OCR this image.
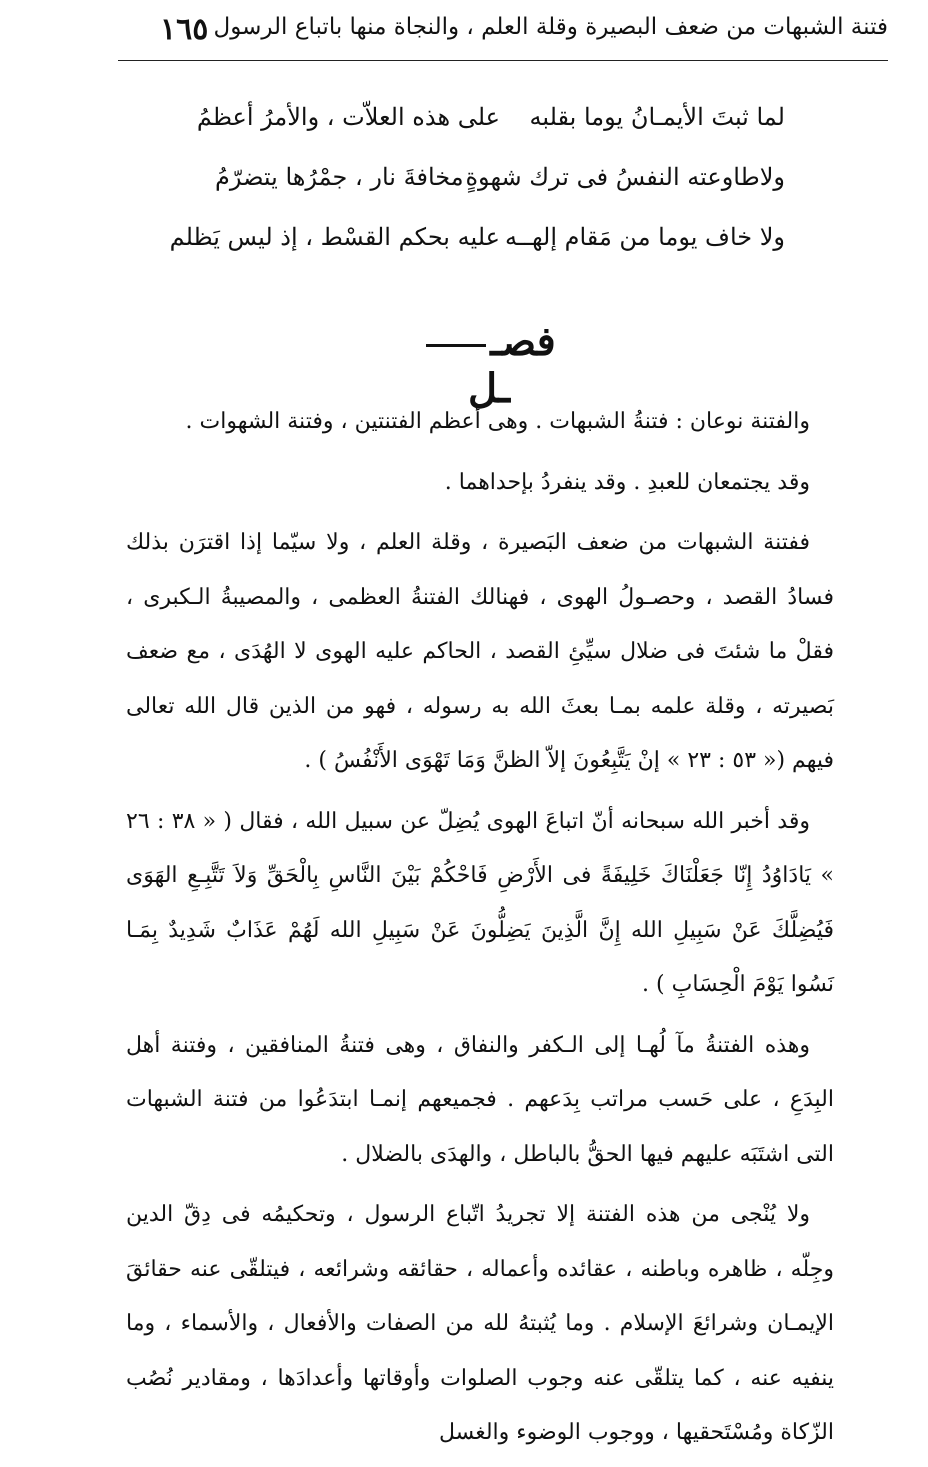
فتنة الشبهات من ضعف البصيرة وقلة العلم ، والنجاة منها باتباع الرسول
١٦٥
لما ثبتَ الأيمـانُ يوما بقلبه
على هذه العلاّت ، والأمرُ أعظمُ
ولاطاوعته النفسُ فى ترك شهوةٍ
مخافةَ نار ، جمْرُها يتضرّمُ
ولا خاف يوما من مَقام إلهــه
عليه بحكم القسْط ، إذ ليس يَظلم
فصــل

والفتنة نوعان : فتنةُ الشبهات . وهى أعظم الفتنتين ، وفتنة الشهوات .

وقد يجتمعان للعبدِ . وقد ينفردُ بإحداهما .

ففتنة الشبهات من ضعف البَصيرة ، وقلة العلم ، ولا سيّما إذا اقترَن بذلك فسادُ القصد ، وحصـولُ الهوى ، فهنالك الفتنةُ العظمى ، والمصيبةُ الـكبرى ، فقلْ ما شئتَ فى ضلال سيِّئِ القصد ، الحاكم عليه الهوى لا الهُدَى ، مع ضعف بَصيرته ، وقلة علمه بمـا بعثَ الله به رسوله ، فهو من الذين قال الله تعالى فيهم (« ٥٣ : ٢٣ » إنْ يَتَّبِعُونَ إلاّ الظنَّ وَمَا تَهْوَى الأَنْفُسُ ) .

وقد أخبر الله سبحانه أنّ اتباعَ الهوى يُضِلّ عن سبيل الله ، فقال ( « ٣٨ : ٢٦ » يَادَاوُدُ إِنّا جَعَلْنَاكَ خَلِيفَةً فى الأَرْضِ فَاحْكُمْ بَيْنَ النَّاسِ بِالْحَقِّ وَلاَ تَتَّبِـعِ الهَوَى فَيُضِلَّكَ عَنْ سَبِيلِ الله إِنَّ الَّذِينَ يَضِلُّونَ عَنْ سَبِيلِ الله لَهُمْ عَذَابٌ شَدِيدٌ بِمَـا نَسُوا يَوْمَ الْحِسَابِ ) .

وهذه الفتنةُ مآ لُهـا إلى الـكفر والنفاق ، وهى فتنةُ المنافقين ، وفتنة أهل البِدَعِ ، على حَسب مراتب بِدَعهم . فجميعهم إنمـا ابتدَعُوا من فتنة الشبهات التى اشتَبَه عليهم فيها الحقُّ بالباطل ، والهدَى بالضلال .

ولا يُنْجى من هذه الفتنة إلا تجريدُ اتّباع الرسول ، وتحكيمُه فى دِقّ الدين وجِلّه ، ظاهره وباطنه ، عقائده وأعماله ، حقائقه وشرائعه ، فيتلقّى عنه حقائقَ الإيمـان وشرائعَ الإسلام . وما يُثبتهُ لله من الصفات والأفعال ، والأسماء ، وما ينفيه عنه ، كما يتلقّى عنه وجوب الصلوات وأوقاتها وأعدادَها ، ومقادير نُصُب الزّكاة ومُسْتَحقيها ، ووجوب الوضوء والغسل
